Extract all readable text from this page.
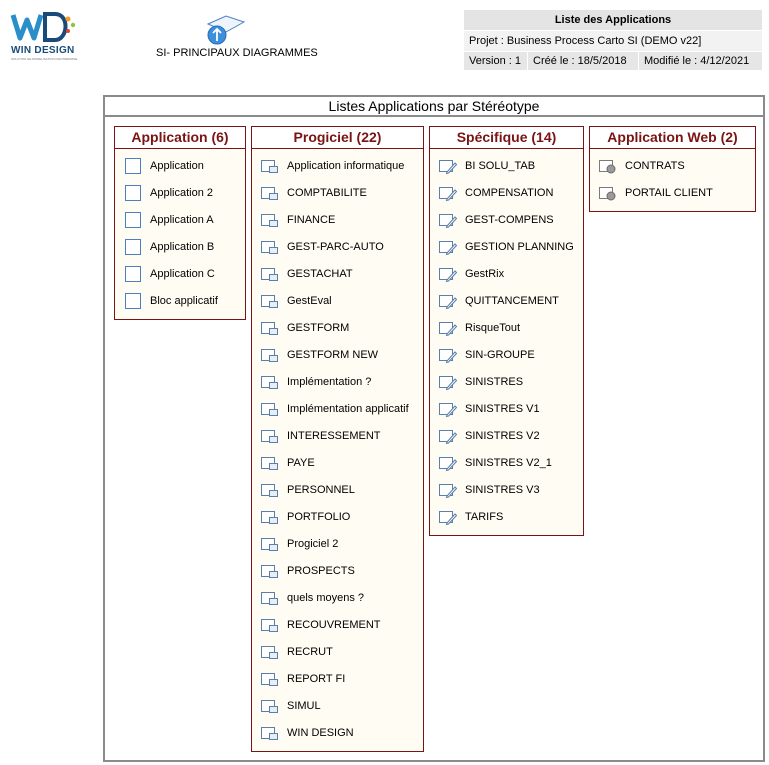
WIN DESIGN
SOLUTION DE MODELISATION D'ENTREPRISE	SI- PRINCIPAUX DIAGRAMMES
Liste des Applications
Projet : Business Process Carto SI (DEMO v22]
Version : 1	Créé le : 18/5/2018	Modifié le : 4/12/2021
Listes Applications par Stéréotype
Application (6)
Application
Application 2
Application A
Application B
Application C
Bloc applicatif
Progiciel (22)
Application informatique
COMPTABILITE
FINANCE
GEST-PARC-AUTO
GESTACHAT
GestEval
GESTFORM
GESTFORM NEW
Implémentation ?
Implémentation applicatif
INTERESSEMENT
PAYE
PERSONNEL
PORTFOLIO
Progiciel 2
PROSPECTS
quels moyens ?
RECOUVREMENT
RECRUT
REPORT FI
SIMUL
WIN DESIGN
Spécifique (14)
BI SOLU_TAB
COMPENSATION
GEST-COMPENS
GESTION PLANNING
GestRix
QUITTANCEMENT
RisqueTout
SIN-GROUPE
SINISTRES
SINISTRES V1
SINISTRES V2
SINISTRES V2_1
SINISTRES V3
TARIFS
Application Web (2)
CONTRATS
PORTAIL CLIENT
